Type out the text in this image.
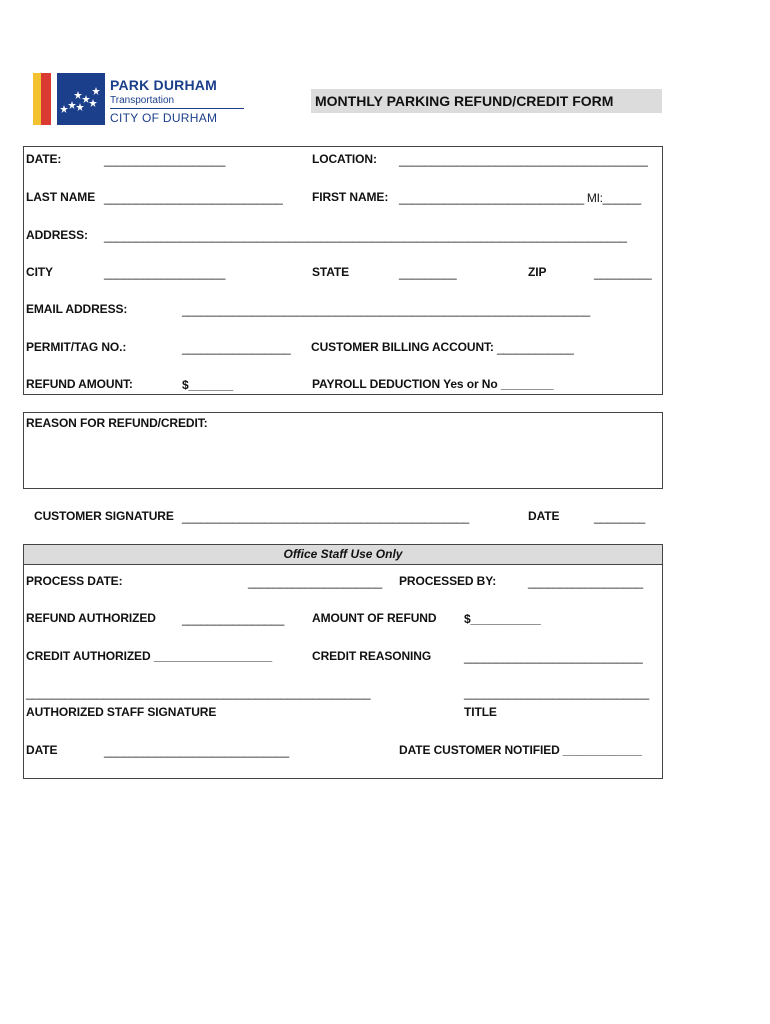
PARK DURHAM
Transportation
CITY OF DURHAM
MONTHLY PARKING REFUND/CREDIT FORM
DATE:	___________________	LOCATION: _______________________________________
LAST NAME ____________________________ FIRST NAME: _____________________________ MI:______
ADDRESS: __________________________________________________________________________________
CITY	___________________	STATE	_________	ZIP	_________
EMAIL ADDRESS:	________________________________________________________________
PERMIT/TAG NO.:	_________________ CUSTOMER BILLING ACCOUNT: ____________
REFUND AMOUNT:	$_______	PAYROLL DEDUCTION Yes or No ________
REASON FOR REFUND/CREDIT:
CUSTOMER SIGNATURE _____________________________________________	DATE	________
Office Staff Use Only
PROCESS DATE:	_____________________ PROCESSED BY:	__________________
REFUND AUTHORIZED ________________ AMOUNT OF REFUND $___________
CREDIT AUTHORIZED __________________	CREDIT REASONING	____________________________
______________________________________________________	_____________________________
AUTHORIZED STAFF SIGNATURE	TITLE
DATE	_____________________________	DATE CUSTOMER NOTIFIED ____________
